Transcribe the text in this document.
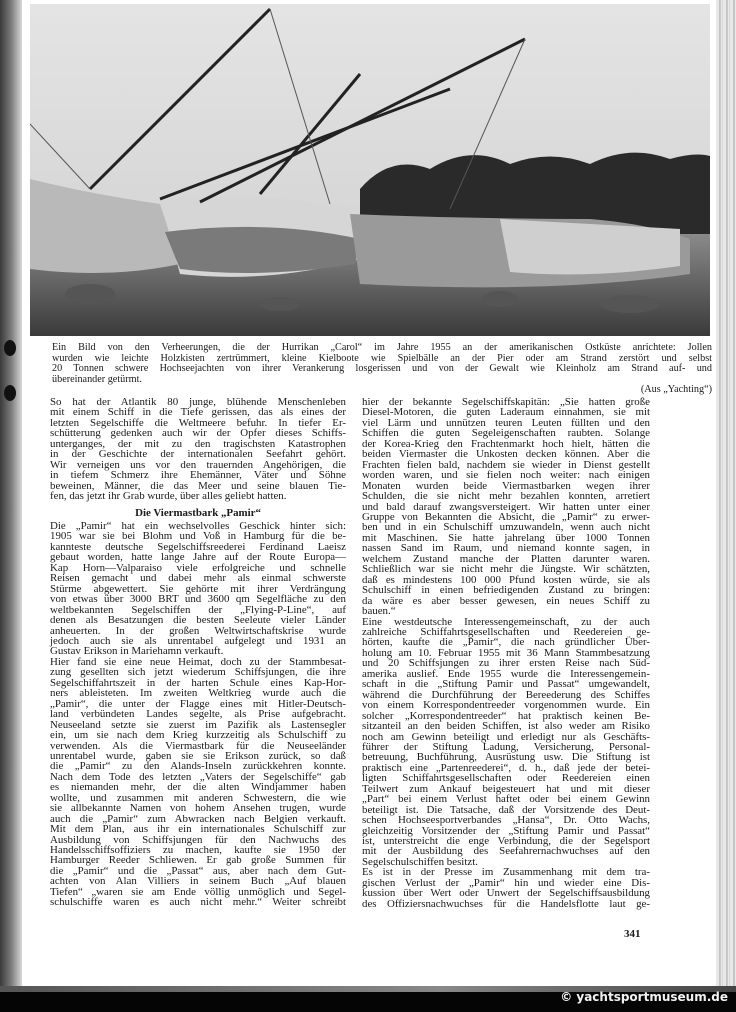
Ein Bild von den Verheerungen, die der Hurrikan „Carol“ im Jahre 1955 an der amerikanischen Ostküste anrichtete: Jollen
wurden wie leichte Holzkisten zertrümmert, kleine Kielboote wie Spielbälle an der Pier oder am Strand zerstört und selbst
20 Tonnen schwere Hochseejachten von ihrer Verankerung losgerissen und von der Gewalt wie Kleinholz am Strand auf- und
übereinander getürmt.
(Aus „Yachting“)
So hat der Atlantik 80 junge, blühende Menschenleben
mit einem Schiff in die Tiefe gerissen, das als eines der
letzten Segelschiffe die Weltmeere befuhr. In tiefer Er-
schütterung gedenken auch wir der Opfer dieses Schiffs-
unterganges, der mit zu den tragischsten Katastrophen
in der Geschichte der internationalen Seefahrt gehört.
Wir verneigen uns vor den trauernden Angehörigen, die
in tiefem Schmerz ihre Ehemänner, Väter und Söhne
beweinen, Männer, die das Meer und seine blauen Tie-
fen, das jetzt ihr Grab wurde, über alles geliebt hatten.
Die Viermastbark „Pamir“
Die „Pamir“ hat ein wechselvolles Geschick hinter sich:
1905 war sie bei Blohm und Voß in Hamburg für die be-
kannteste deutsche Segelschiffsreederei Ferdinand Laeisz
gebaut worden, hatte lange Jahre auf der Route Europa—
Kap Horn—Valparaiso viele erfolgreiche und schnelle
Reisen gemacht und dabei mehr als einmal schwerste
Stürme abgewettert. Sie gehörte mit ihrer Verdrängung
von etwas über 3000 BRT und 3600 qm Segelfläche zu den
weltbekannten Segelschiffen der „Flying-P-Line“, auf
denen als Besatzungen die besten Seeleute vieler Länder
anheuerten. In der großen Weltwirtschaftskrise wurde
jedoch auch sie als unrentabel aufgelegt und 1931 an
Gustav Erikson in Mariehamn verkauft.
Hier fand sie eine neue Heimat, doch zu der Stammbesat-
zung gesellten sich jetzt wiederum Schiffsjungen, die ihre
Segelschiffahrtszeit in der harten Schule eines Kap-Hor-
ners ableisteten. Im zweiten Weltkrieg wurde auch die
„Pamir“, die unter der Flagge eines mit Hitler-Deutsch-
land verbündeten Landes segelte, als Prise aufgebracht.
Neuseeland setzte sie zuerst im Pazifik als Lastensegler
ein, um sie nach dem Krieg kurzzeitig als Schulschiff zu
verwenden. Als die Viermastbark für die Neuseeländer
unrentabel wurde, gaben sie sie Erikson zurück, so daß
die „Pamir“ zu den Alands-Inseln zurückkehren konnte.
Nach dem Tode des letzten „Vaters der Segelschiffe“ gab
es niemanden mehr, der die alten Windjammer haben
wollte, und zusammen mit anderen Schwestern, die wie
sie allbekannte Namen von hohem Ansehen trugen, wurde
auch die „Pamir“ zum Abwracken nach Belgien verkauft.
Mit dem Plan, aus ihr ein internationales Schulschiff zur
Ausbildung von Schiffsjungen für den Nachwuchs des
Handelsschiffsoffiziers zu machen, kaufte sie 1950 der
Hamburger Reeder Schliewen. Er gab große Summen für
die „Pamir“ und die „Passat“ aus, aber nach dem Gut-
achten von Alan Villiers in seinem Buch „Auf blauen
Tiefen“ „waren sie am Ende völlig unmöglich und Segel-
schulschiffe waren es auch nicht mehr.“ Weiter schreibt
hier der bekannte Segelschiffskapitän: „Sie hatten große
Diesel-Motoren, die guten Laderaum einnahmen, sie mit
viel Lärm und unnützen teuren Leuten füllten und den
Schiffen die guten Segeleigenschaften raubten. Solange
der Korea-Krieg den Frachtenmarkt hoch hielt, hätten die
beiden Viermaster die Unkosten decken können. Aber die
Frachten fielen bald, nachdem sie wieder in Dienst gestellt
worden waren, und sie fielen noch weiter: nach einigen
Monaten wurden beide Viermastbarken wegen ihrer
Schulden, die sie nicht mehr bezahlen konnten, arretiert
und bald darauf zwangsversteigert. Wir hatten unter einer
Gruppe von Bekannten die Absicht, die „Pamir“ zu erwer-
ben und in ein Schulschiff umzuwandeln, wenn auch nicht
mit Maschinen. Sie hatte jahrelang über 1000 Tonnen
nassen Sand im Raum, und niemand konnte sagen, in
welchem Zustand manche der Platten darunter waren.
Schließlich war sie nicht mehr die Jüngste. Wir schätzten,
daß es mindestens 100 000 Pfund kosten würde, sie als
Schulschiff in einen befriedigenden Zustand zu bringen:
da wäre es aber besser gewesen, ein neues Schiff zu
bauen.“
Eine westdeutsche Interessengemeinschaft, zu der auch
zahlreiche Schiffahrtsgesellschaften und Reedereien ge-
hörten, kaufte die „Pamir“, die nach gründlicher Über-
holung am 10. Februar 1955 mit 36 Mann Stammbesatzung
und 20 Schiffsjungen zu ihrer ersten Reise nach Süd-
amerika auslief. Ende 1955 wurde die Interessengemein-
schaft in die „Stiftung Pamir und Passat“ umgewandelt,
während die Durchführung der Bereederung des Schiffes
von einem Korrespondentreeder vorgenommen wurde. Ein
solcher „Korrespondentreeder“ hat praktisch keinen Be-
sitzanteil an den beiden Schiffen, ist also weder am Risiko
noch am Gewinn beteiligt und erledigt nur als Geschäfts-
führer der Stiftung Ladung, Versicherung, Personal-
betreuung, Buchführung, Ausrüstung usw. Die Stiftung ist
praktisch eine „Partenreederei“, d. h., daß jede der betei-
ligten Schiffahrtsgesellschaften oder Reedereien einen
Teilwert zum Ankauf beigesteuert hat und mit dieser
„Part“ bei einem Verlust haftet oder bei einem Gewinn
beteiligt ist. Die Tatsache, daß der Vorsitzende des Deut-
schen Hochseesportverbandes „Hansa“, Dr. Otto Wachs,
gleichzeitig Vorsitzender der „Stiftung Pamir und Passat“
ist, unterstreicht die enge Verbindung, die der Segelsport
mit der Ausbildung des Seefahrernachwuchses auf den
Segelschulschiffen besitzt.
Es ist in der Presse im Zusammenhang mit dem tra-
gischen Verlust der „Pamir“ hin und wieder eine Dis-
kussion über Wert oder Unwert der Segelschiffsausbildung
des Offiziersnachwuchses für die Handelsflotte laut ge-
341
© yachtsportmuseum.de
